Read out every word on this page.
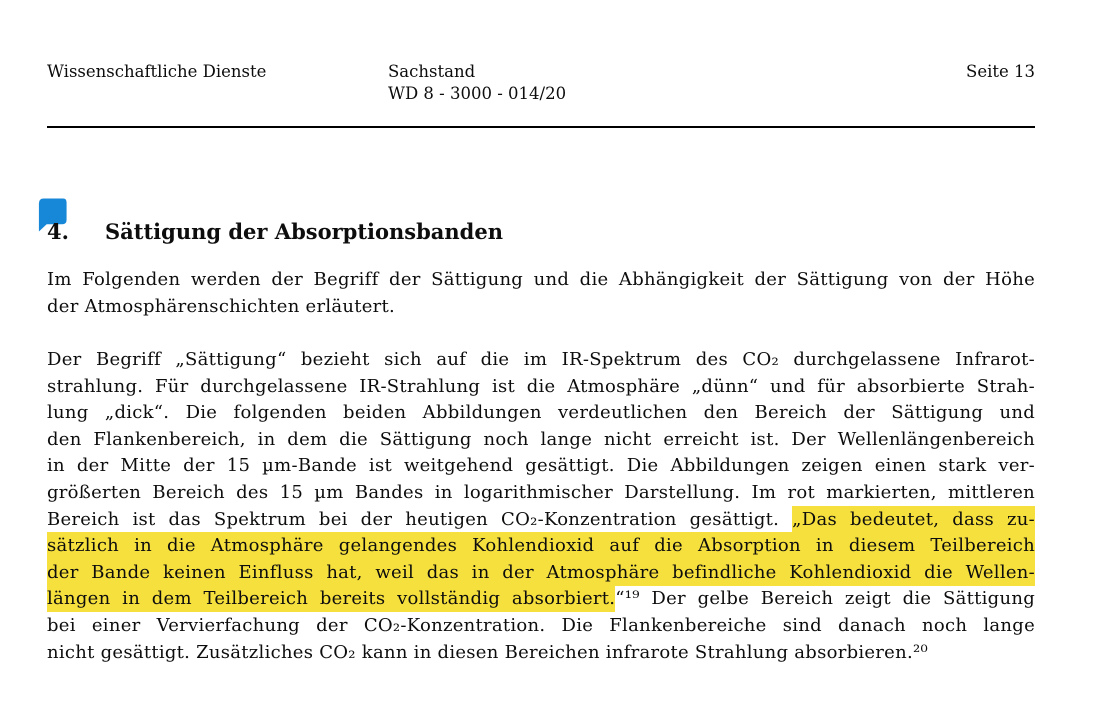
Wissenschaftliche Dienste	Sachstand
WD 8 - 3000 - 014/20
Seite 13
4. Sättigung der Absorptionsbanden
Im Folgenden werden der Begriff der Sättigung und die Abhängigkeit der Sättigung von der Höhe
der Atmosphärenschichten erläutert.
Der Begriff „Sättigung“ bezieht sich auf die im IR-Spektrum des CO₂ durchgelassene Infrarot-
strahlung. Für durchgelassene IR-Strahlung ist die Atmosphäre „dünn“ und für absorbierte Strah-
lung „dick“. Die folgenden beiden Abbildungen verdeutlichen den Bereich der Sättigung und
den Flankenbereich, in dem die Sättigung noch lange nicht erreicht ist. Der Wellenlängenbereich
in der Mitte der 15 µm-Bande ist weitgehend gesättigt. Die Abbildungen zeigen einen stark ver-
größerten Bereich des 15 µm Bandes in logarithmischer Darstellung. Im rot markierten, mittleren
Bereich ist das Spektrum bei der heutigen CO₂-Konzentration gesättigt. „Das bedeutet, dass zu-
sätzlich in die Atmosphäre gelangendes Kohlendioxid auf die Absorption in diesem Teilbereich
der Bande keinen Einfluss hat, weil das in der Atmosphäre befindliche Kohlendioxid die Wellen-
längen in dem Teilbereich bereits vollständig absorbiert.“¹⁹ Der gelbe Bereich zeigt die Sättigung
bei einer Vervierfachung der CO₂-Konzentration. Die Flankenbereiche sind danach noch lange
nicht gesättigt. Zusätzliches CO₂ kann in diesen Bereichen infrarote Strahlung absorbieren.²⁰
